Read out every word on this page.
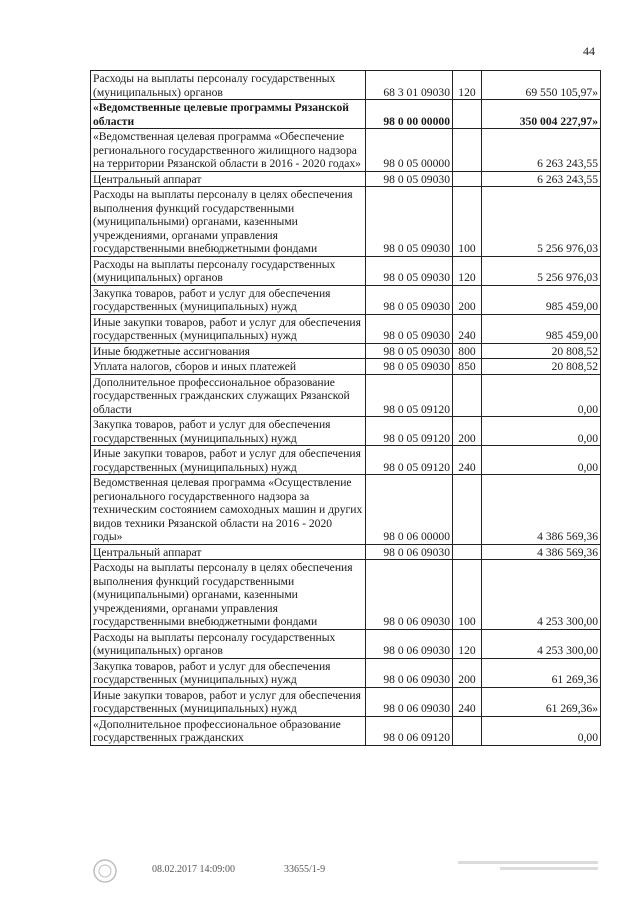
44
Расходы на выплаты персоналу государственных (муниципальных) органов	68 3 01 09030	120	69 550 105,97»
«Ведомственные целевые программы Рязанской области	98 0 00 00000		350 004 227,97»
«Ведомственная целевая программа «Обеспечение регионального государственного жилищного надзора на территории Рязанской области в 2016 - 2020 годах»	98 0 05 00000		6 263 243,55
Центральный аппарат	98 0 05 09030		6 263 243,55
Расходы на выплаты персоналу в целях обеспечения выполнения функций государственными (муниципальными) органами, казенными учреждениями, органами управления государственными внебюджетными фондами	98 0 05 09030	100	5 256 976,03
Расходы на выплаты персоналу государственных (муниципальных) органов	98 0 05 09030	120	5 256 976,03
Закупка товаров, работ и услуг для обеспечения государственных (муниципальных) нужд	98 0 05 09030	200	985 459,00
Иные закупки товаров, работ и услуг для обеспечения государственных (муниципальных) нужд	98 0 05 09030	240	985 459,00
Иные бюджетные ассигнования	98 0 05 09030	800	20 808,52
Уплата налогов, сборов и иных платежей	98 0 05 09030	850	20 808,52
Дополнительное профессиональное образование государственных гражданских служащих Рязанской области	98 0 05 09120		0,00
Закупка товаров, работ и услуг для обеспечения государственных (муниципальных) нужд	98 0 05 09120	200	0,00
Иные закупки товаров, работ и услуг для обеспечения государственных (муниципальных) нужд	98 0 05 09120	240	0,00
Ведомственная целевая программа «Осуществление регионального государственного надзора за техническим состоянием самоходных машин и других видов техники Рязанской области на 2016 - 2020 годы»	98 0 06 00000		4 386 569,36
Центральный аппарат	98 0 06 09030		4 386 569,36
Расходы на выплаты персоналу в целях обеспечения выполнения функций государственными (муниципальными) органами, казенными учреждениями, органами управления государственными внебюджетными фондами	98 0 06 09030	100	4 253 300,00
Расходы на выплаты персоналу государственных (муниципальных) органов	98 0 06 09030	120	4 253 300,00
Закупка товаров, работ и услуг для обеспечения государственных (муниципальных) нужд	98 0 06 09030	200	61 269,36
Иные закупки товаров, работ и услуг для обеспечения государственных (муниципальных) нужд	98 0 06 09030	240	61 269,36»
«Дополнительное профессиональное образование государственных гражданских	98 0 06 09120		0,00
08.02.2017 14:09:00	33655/1-9
